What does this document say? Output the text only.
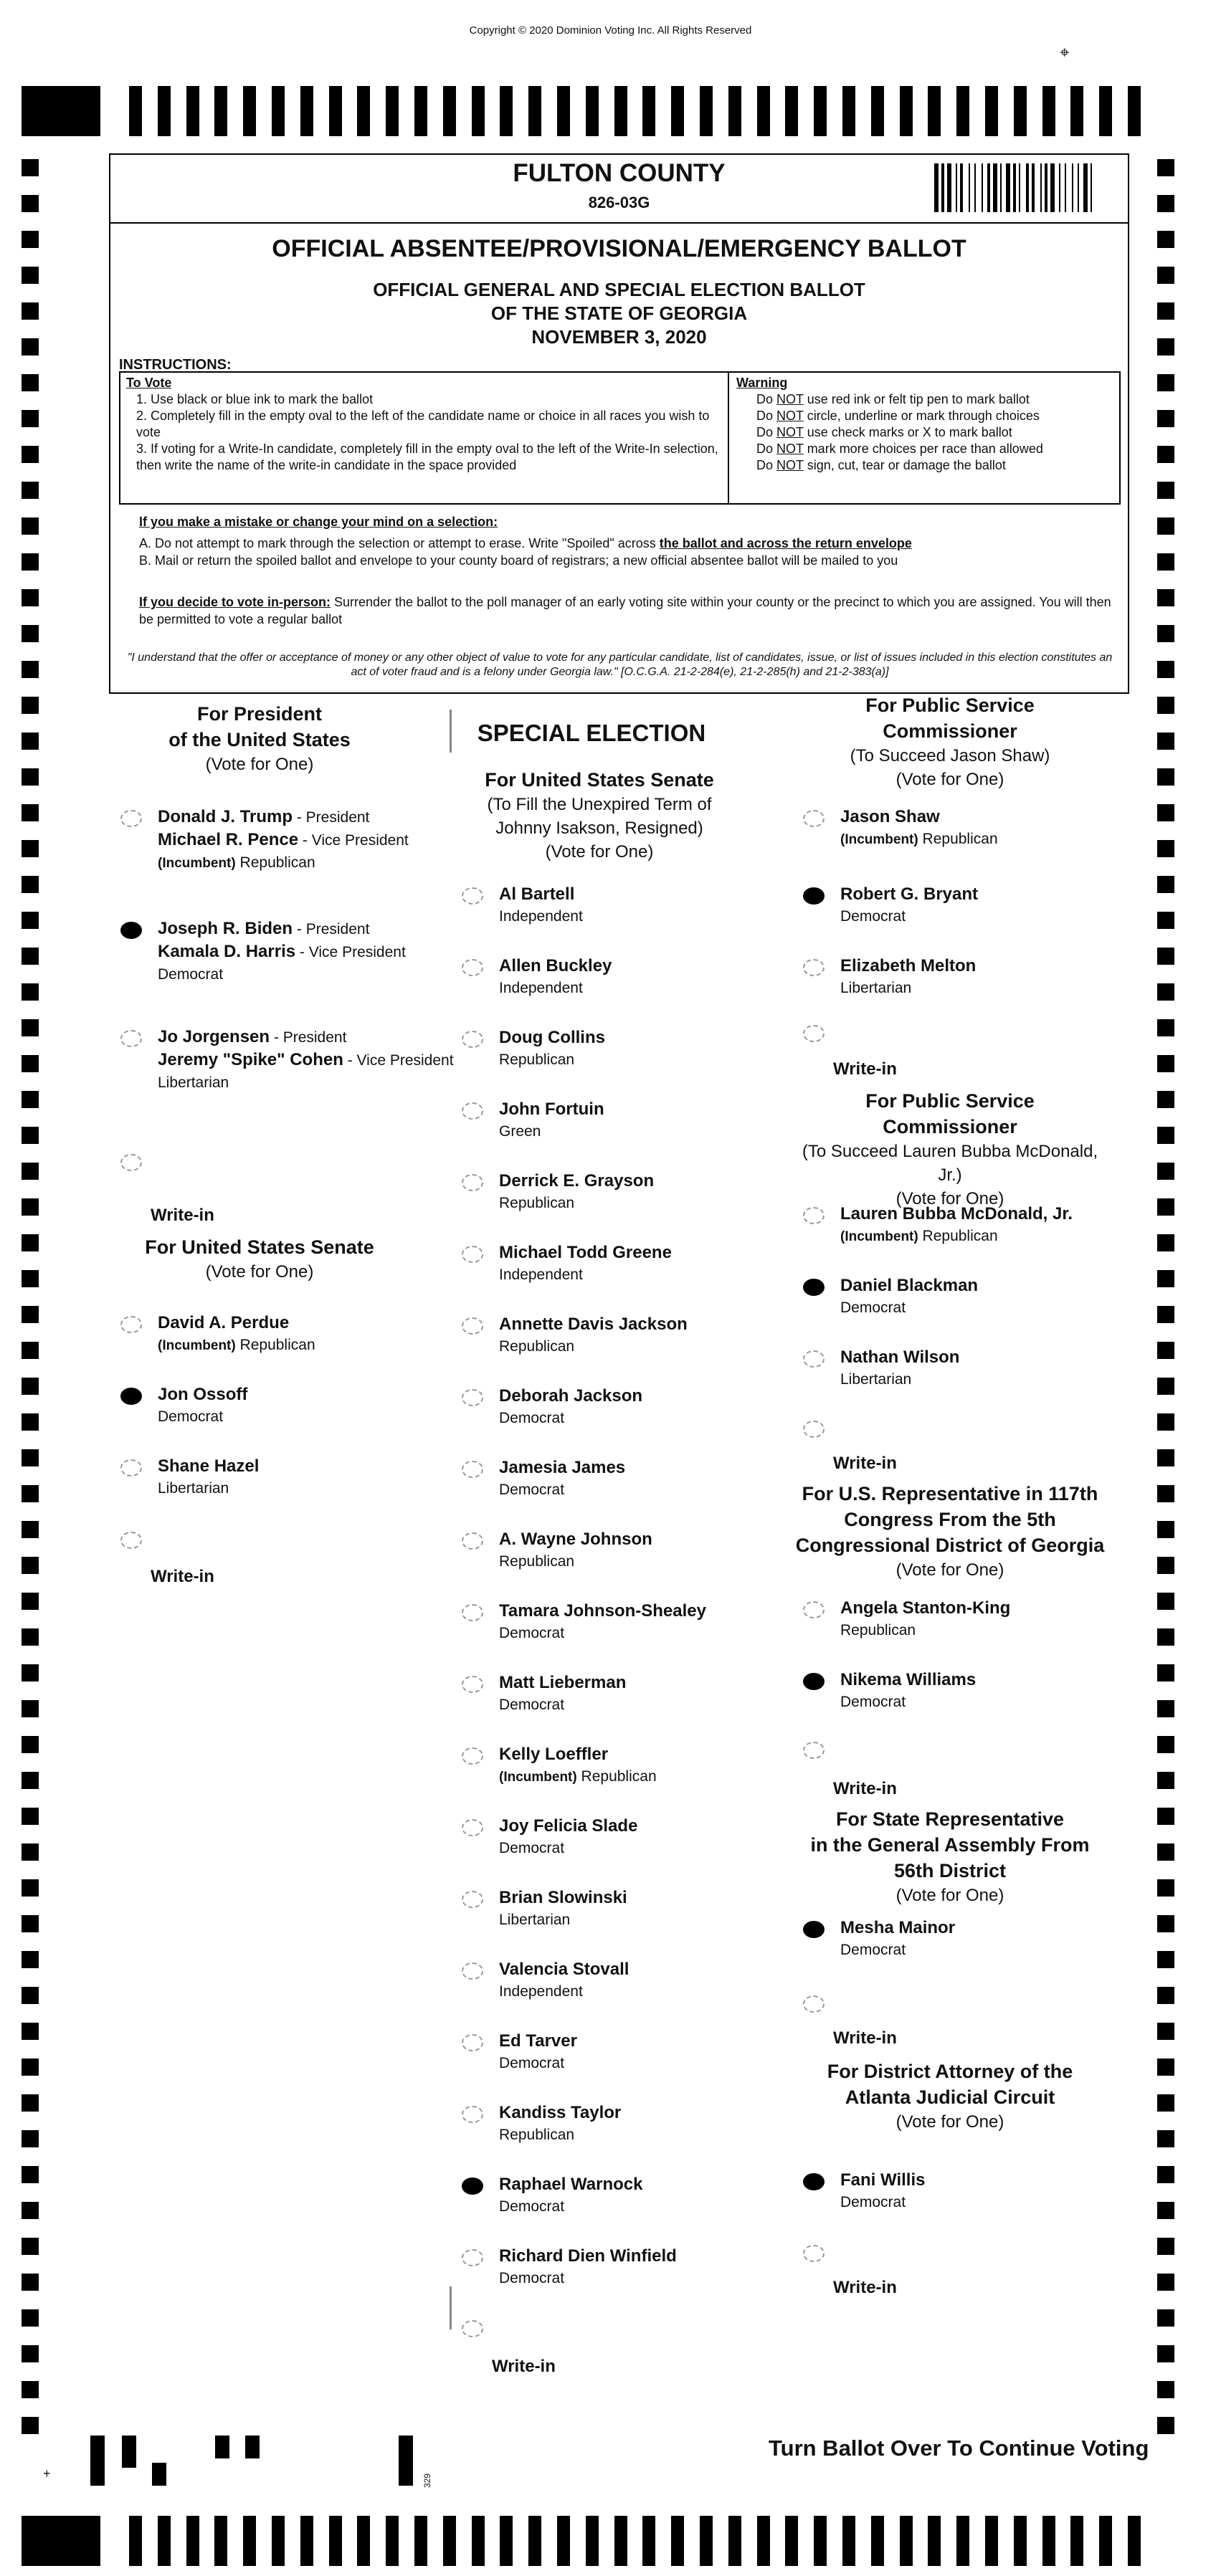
Copyright © 2020 Dominion Voting Inc. All Rights Reserved
⌖
+
FULTON COUNTY
826-03G
OFFICIAL ABSENTEE/PROVISIONAL/EMERGENCY BALLOT
OFFICIAL GENERAL AND SPECIAL ELECTION BALLOT
OF THE STATE OF GEORGIA
NOVEMBER 3, 2020
INSTRUCTIONS:
To Vote
1. Use black or blue ink to mark the ballot
2. Completely fill in the empty oval to the left of the candidate name or choice in all races you wish to vote
3. If voting for a Write-In candidate, completely fill in the empty oval to the left of the Write-In selection, then write the name of the write-in candidate in the space provided
Warning
Do NOT use red ink or felt tip pen to mark ballot
Do NOT circle, underline or mark through choices
Do NOT use check marks or X to mark ballot
Do NOT mark more choices per race than allowed
Do NOT sign, cut, tear or damage the ballot
If you make a mistake or change your mind on a selection:
A. Do not attempt to mark through the selection or attempt to erase. Write "Spoiled" across the ballot and across the return envelope
B. Mail or return the spoiled ballot and envelope to your county board of registrars; a new official absentee ballot will be mailed to you
If you decide to vote in-person: Surrender the ballot to the poll manager of an early voting site within your county or the precinct to which you are assigned. You will then be permitted to vote a regular ballot
"I understand that the offer or acceptance of money or any other object of value to vote for any particular candidate, list of candidates, issue, or list of issues included in this election constitutes an act of voter fraud and is a felony under Georgia law." [O.C.G.A. 21-2-284(e), 21-2-285(h) and 21-2-383(a)]
SPECIAL ELECTION
For President
of the United States
(Vote for One)
Donald J. Trump - President
Michael R. Pence - Vice President
(Incumbent) Republican
Joseph R. Biden - President
Kamala D. Harris - Vice President
Democrat
Jo Jorgensen - President
Jeremy "Spike" Cohen - Vice President
Libertarian
Write-in
For United States Senate
(Vote for One)
David A. Perdue
(Incumbent) Republican
Jon Ossoff
Democrat
Shane Hazel
Libertarian
Write-in
For United States Senate
(To Fill the Unexpired Term of
Johnny Isakson, Resigned)
(Vote for One)
Al Bartell
Independent
Allen Buckley
Independent
Doug Collins
Republican
John Fortuin
Green
Derrick E. Grayson
Republican
Michael Todd Greene
Independent
Annette Davis Jackson
Republican
Deborah Jackson
Democrat
Jamesia James
Democrat
A. Wayne Johnson
Republican
Tamara Johnson-Shealey
Democrat
Matt Lieberman
Democrat
Kelly Loeffler
(Incumbent) Republican
Joy Felicia Slade
Democrat
Brian Slowinski
Libertarian
Valencia Stovall
Independent
Ed Tarver
Democrat
Kandiss Taylor
Republican
Raphael Warnock
Democrat
Richard Dien Winfield
Democrat
Write-in
For Public Service
Commissioner
(To Succeed Jason Shaw)
(Vote for One)
Jason Shaw
(Incumbent) Republican
Robert G. Bryant
Democrat
Elizabeth Melton
Libertarian
Write-in
For Public Service
Commissioner
(To Succeed Lauren Bubba McDonald, Jr.)
(Vote for One)
Lauren Bubba McDonald, Jr.
(Incumbent) Republican
Daniel Blackman
Democrat
Nathan Wilson
Libertarian
Write-in
For U.S. Representative in 117th
Congress From the 5th
Congressional District of Georgia
(Vote for One)
Angela Stanton-King
Republican
Nikema Williams
Democrat
Write-in
For State Representative
in the General Assembly From
56th District
(Vote for One)
Mesha Mainor
Democrat
Write-in
For District Attorney of the
Atlanta Judicial Circuit
(Vote for One)
Fani Willis
Democrat
Write-in
Turn Ballot Over To Continue Voting
329
